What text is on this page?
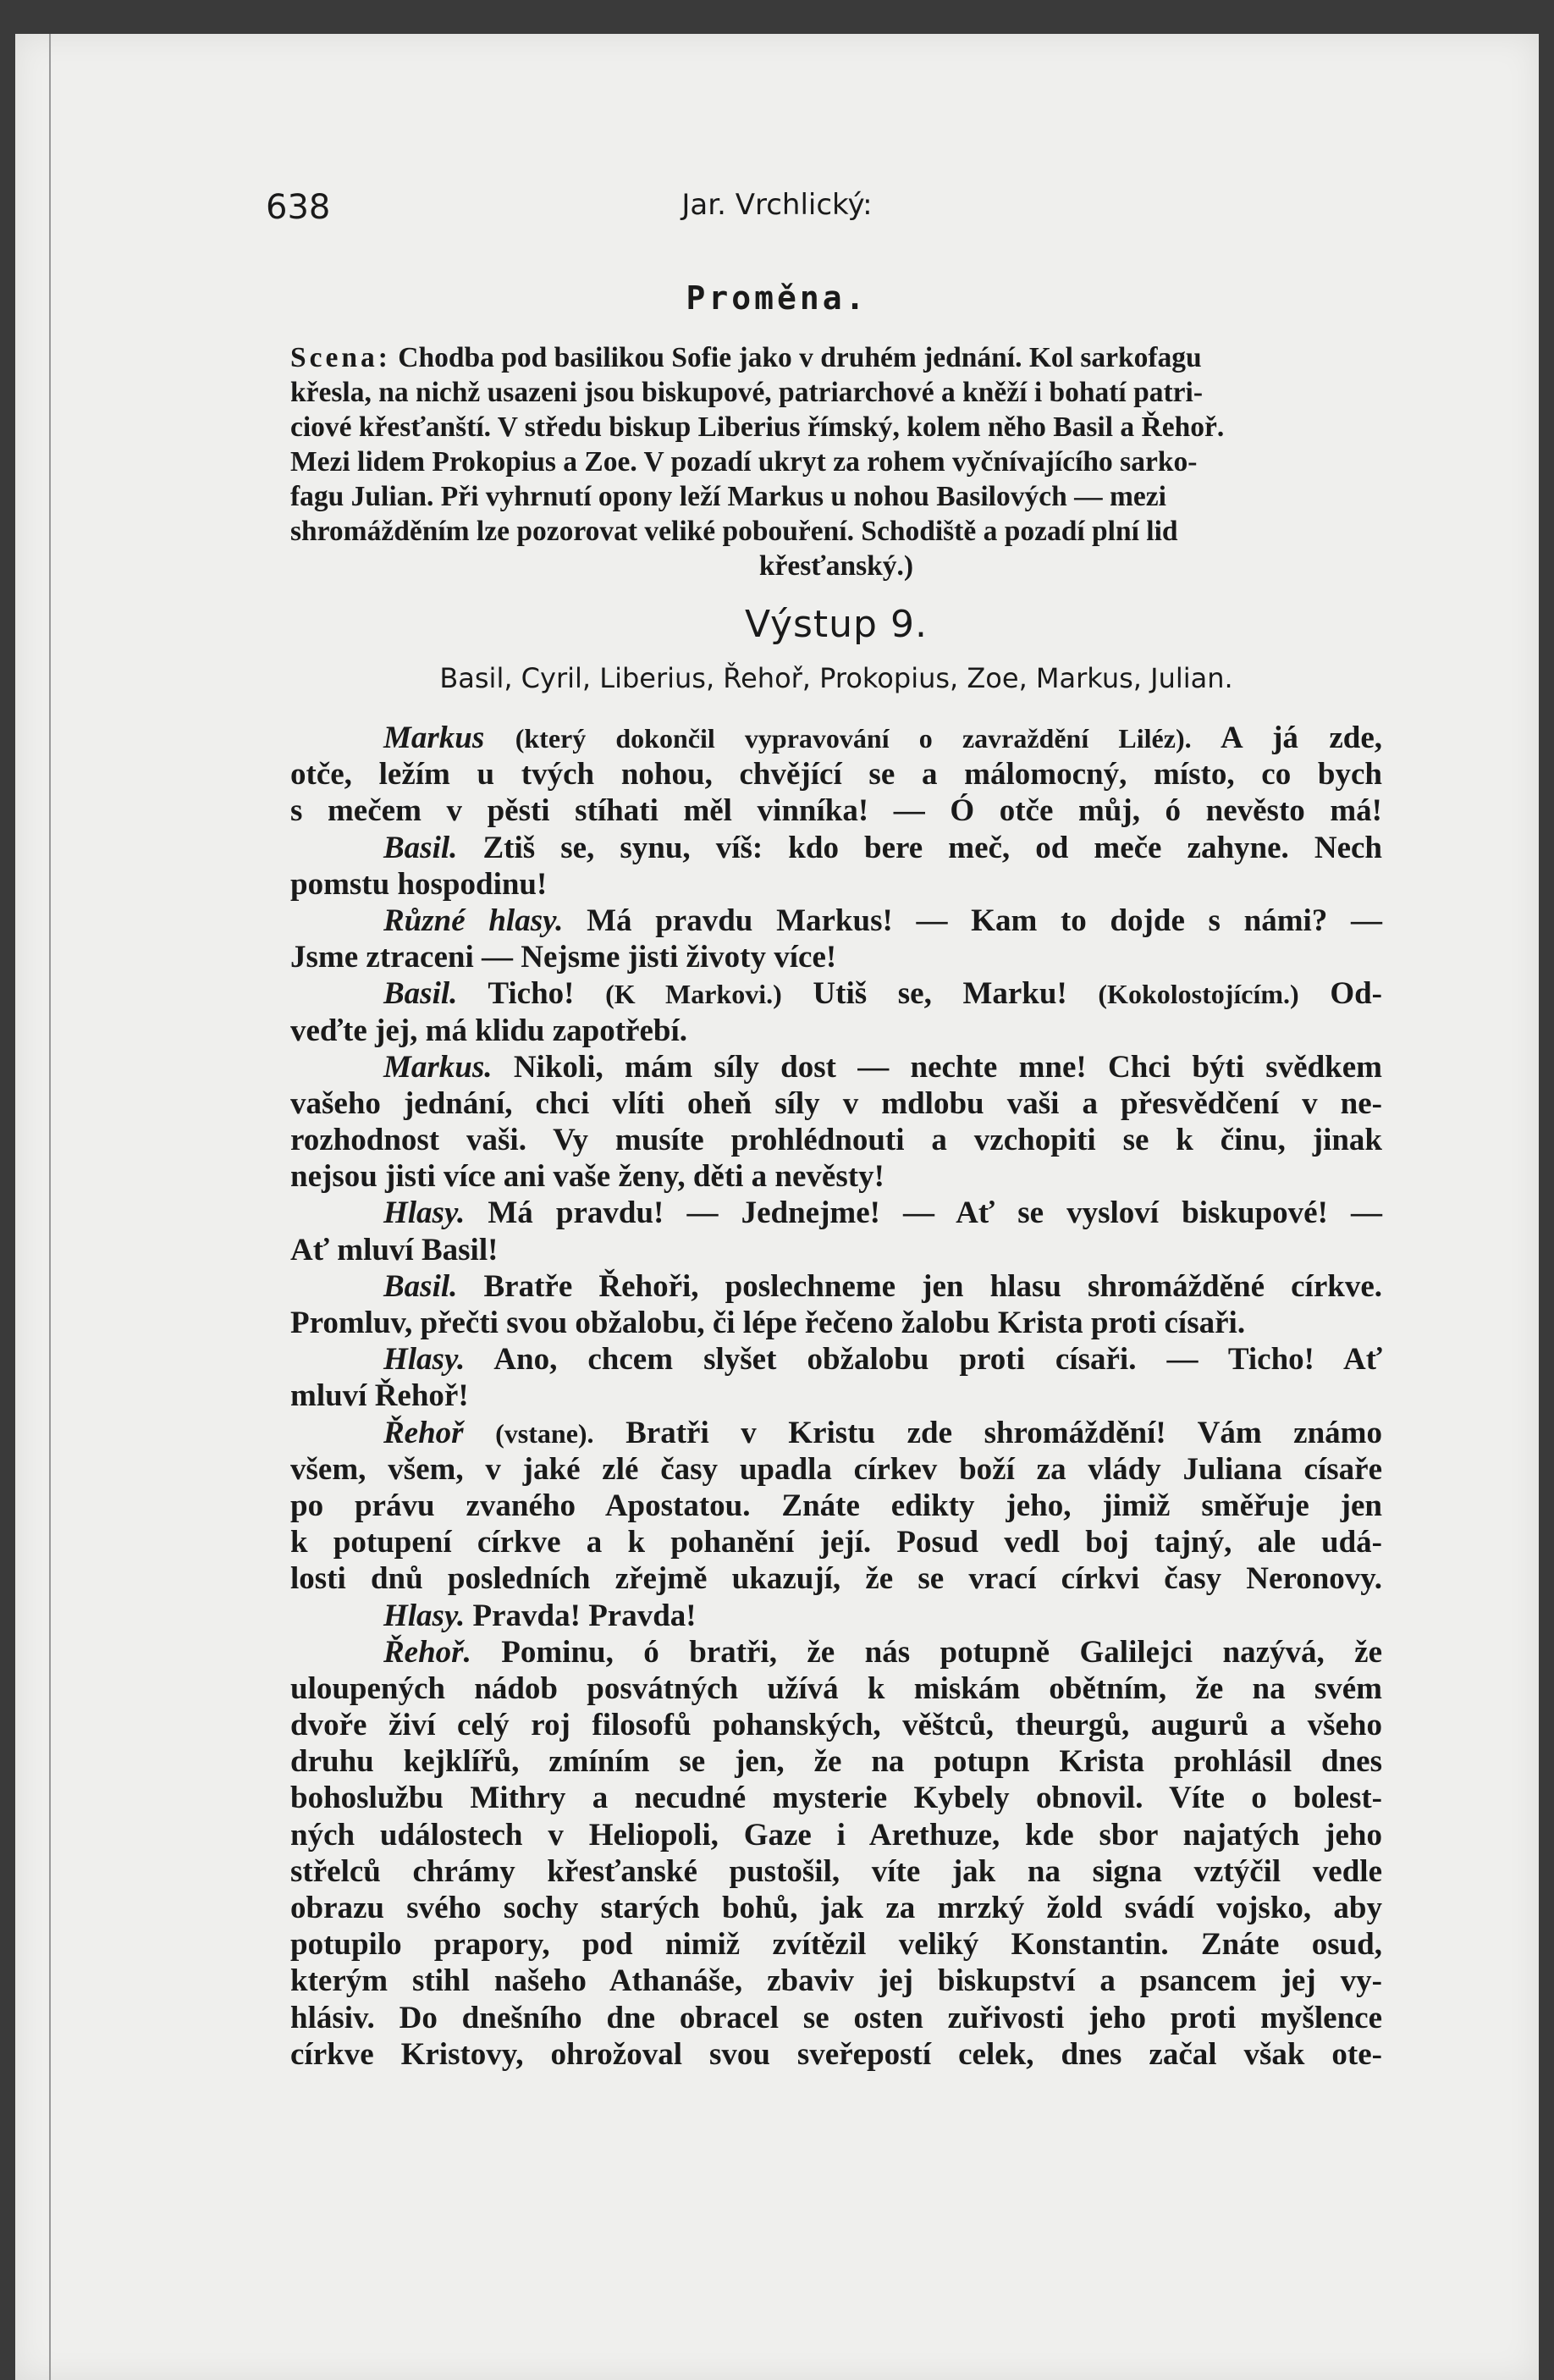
638	Jar. Vrchlický:
Proměna.
Scena: Chodba pod basilikou Sofie jako v druhém jednání. Kol sarkofagu
křesla, na nichž usazeni jsou biskupové, patriarchové a kněží i bohatí patri-
ciové křesťanští. V středu biskup Liberius římský, kolem něho Basil a Řehoř.
Mezi lidem Prokopius a Zoe. V pozadí ukryt za rohem vyčnívajícího sarko-
fagu Julian. Při vyhrnutí opony leží Markus u nohou Basilových — mezi
shromážděním lze pozorovat veliké pobouření. Schodiště a pozadí plní lid
křesťanský.)
Výstup 9.
Basil, Cyril, Liberius, Řehoř, Prokopius, Zoe, Markus, Julian.
Markus (který dokončil vypravování o zavraždění Liléz). A já zde,
otče, ležím u tvých nohou, chvějící se a málomocný, místo, co bych
s mečem v pěsti stíhati měl vinníka! — Ó otče můj, ó nevěsto má!
Basil. Ztiš se, synu, víš: kdo bere meč, od meče zahyne. Nech
pomstu hospodinu!
Různé hlasy. Má pravdu Markus! — Kam to dojde s námi? —
Jsme ztraceni — Nejsme jisti životy více!
Basil. Ticho! (K Markovi.) Utiš se, Marku! (Kokolostojícím.) Od-
veďte jej, má klidu zapotřebí.
Markus. Nikoli, mám síly dost — nechte mne! Chci býti svědkem
vašeho jednání, chci vlíti oheň síly v mdlobu vaši a přesvědčení v ne-
rozhodnost vaši. Vy musíte prohlédnouti a vzchopiti se k činu, jinak
nejsou jisti více ani vaše ženy, děti a nevěsty!
Hlasy. Má pravdu! — Jednejme! — Ať se vysloví biskupové! —
Ať mluví Basil!
Basil. Bratře Řehoři, poslechneme jen hlasu shromážděné církve.
Promluv, přečti svou obžalobu, či lépe řečeno žalobu Krista proti císaři.
Hlasy. Ano, chcem slyšet obžalobu proti císaři. — Ticho! Ať
mluví Řehoř!
Řehoř (vstane). Bratři v Kristu zde shromáždění! Vám známo
všem, všem, v jaké zlé časy upadla církev boží za vlády Juliana císaře
po právu zvaného Apostatou. Znáte edikty jeho, jimiž směřuje jen
k potupení církve a k pohanění její. Posud vedl boj tajný, ale udá-
losti dnů posledních zřejmě ukazují, že se vrací církvi časy Neronovy.
Hlasy. Pravda! Pravda!
Řehoř. Pominu, ó bratři, že nás potupně Galilejci nazývá, že
uloupených nádob posvátných užívá k miskám obětním, že na svém
dvoře živí celý roj filosofů pohanských, věštců, theurgů, augurů a všeho
druhu kejklířů, zmíním se jen, že na potupn Krista prohlásil dnes
bohoslužbu Mithry a necudné mysterie Kybely obnovil. Víte o bolest-
ných událostech v Heliopoli, Gaze i Arethuze, kde sbor najatých jeho
střelců chrámy křesťanské pustošil, víte jak na signa vztýčil vedle
obrazu svého sochy starých bohů, jak za mrzký žold svádí vojsko, aby
potupilo prapory, pod nimiž zvítězil veliký Konstantin. Znáte osud,
kterým stihl našeho Athanáše, zbaviv jej biskupství a psancem jej vy-
hlásiv. Do dnešního dne obracel se osten zuřivosti jeho proti myšlence
církve Kristovy, ohrožoval svou sveřepostí celek, dnes začal však ote-
